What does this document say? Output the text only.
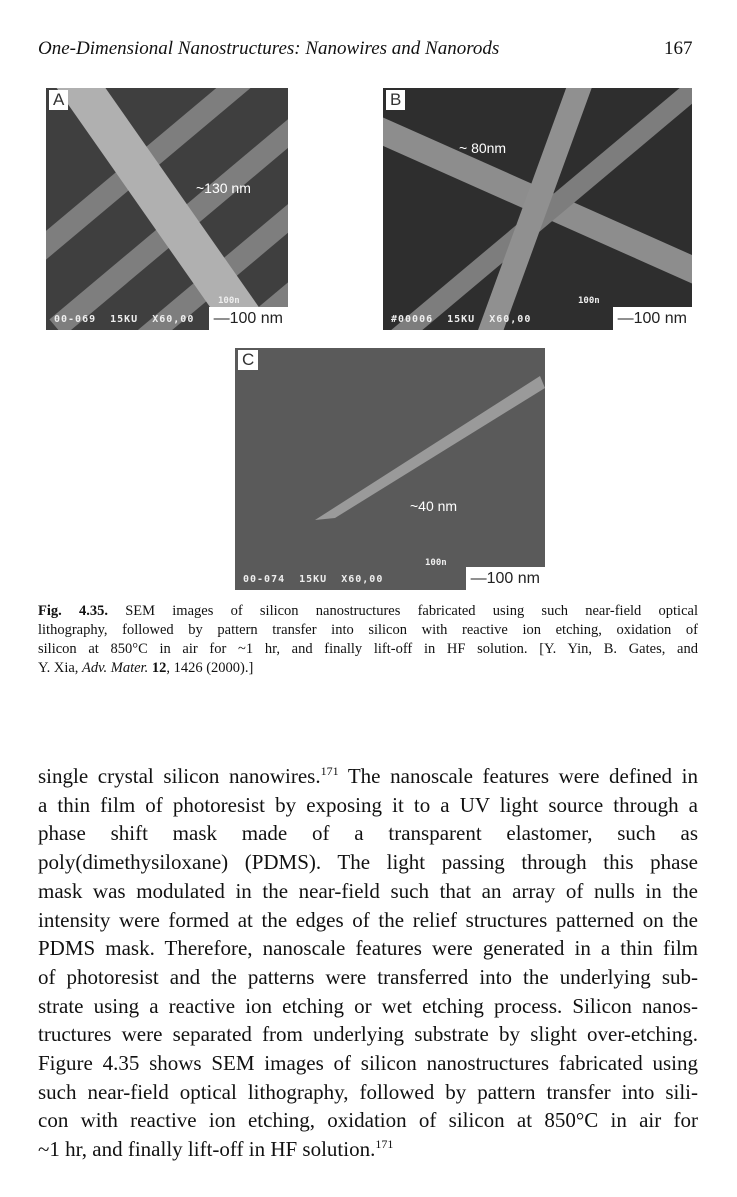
One-Dimensional Nanostructures: Nanowires and Nanorods	167
A
~130 nm
100n
00-069 15KU X60,00	—100 nm
B
~ 80nm
100n
#00006 15KU X60,00	—100 nm
C
~40 nm
100n
00-074 15KU X60,00	—100 nm
Fig. 4.35. SEM images of silicon nanostructures fabricated using such near-field optical
lithography, followed by pattern transfer into silicon with reactive ion etching, oxidation of
silicon at 850°C in air for ~1 hr, and finally lift-off in HF solution. [Y. Yin, B. Gates, and
Y. Xia, Adv. Mater. 12, 1426 (2000).]
single crystal silicon nanowires.$^{171}$ The nanoscale features were defined in
a thin film of photoresist by exposing it to a UV light source through a
phase shift mask made of a transparent elastomer, such as
poly(dimethysiloxane) (PDMS). The light passing through this phase
mask was modulated in the near-field such that an array of nulls in the
intensity were formed at the edges of the relief structures patterned on the
PDMS mask. Therefore, nanoscale features were generated in a thin film
of photoresist and the patterns were transferred into the underlying sub-
strate using a reactive ion etching or wet etching process. Silicon nanos-
tructures were separated from underlying substrate by slight over-etching.
Figure 4.35 shows SEM images of silicon nanostructures fabricated using
such near-field optical lithography, followed by pattern transfer into sili-
con with reactive ion etching, oxidation of silicon at 850°C in air for
~1 hr, and finally lift-off in HF solution.$^{171}$
